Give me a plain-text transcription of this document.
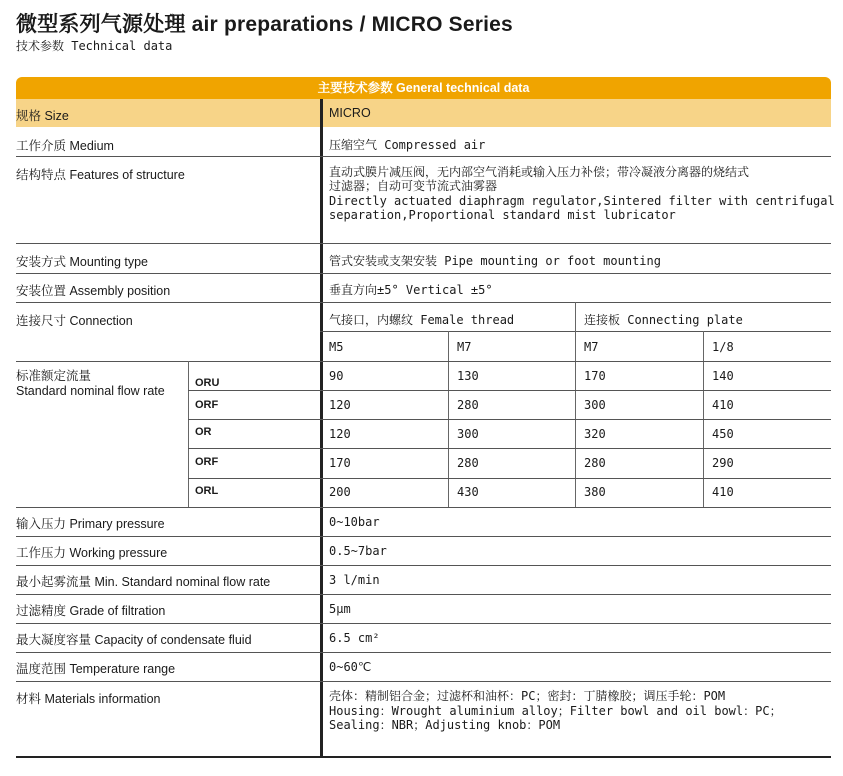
微型系列气源处理 air preparations / MICRO Series
技术参数 Technical data
主要技术参数 General technical data
规格 Size	MICRO
工作介质 Medium	压缩空气 Compressed air
结构特点 Features of structure	直动式膜片减压阀，无内部空气消耗或输入压力补偿；带冷凝液分离器的烧结式
过滤器；自动可变节流式油雾器
Directly actuated diaphragm regulator,Sintered filter with centrifugal
separation,Proportional standard mist lubricator
安装方式 Mounting type	管式安装或支架安装 Pipe mounting or foot mounting
安装位置 Assembly position	垂直方向±5° Vertical ±5°
连接尺寸 Connection	气接口，内螺纹 Female thread	连接板 Connecting plate
M5	M7	M7	1/8
标准额定流量
Standard nominal flow rate
ORU	90	130	170	140
ORF	120	280	300	410
OR	120	300	320	450
ORF	170	280	280	290
ORL	200	430	380	410
输入压力 Primary pressure	0~10bar
工作压力 Working pressure	0.5~7bar
最小起雾流量 Min. Standard nominal flow rate	3 l/min
过滤精度 Grade of filtration	5μm
最大凝度容量 Capacity of condensate fluid	6.5 cm²
温度范围 Temperature range	0~60℃
材料 Materials information	壳体：精制铝合金；过滤杯和油杯：PC；密封：丁腈橡胶；调压手轮：POM
Housing：Wrought aluminium alloy；Filter bowl and oil bowl：PC；
Sealing：NBR；Adjusting knob：POM
